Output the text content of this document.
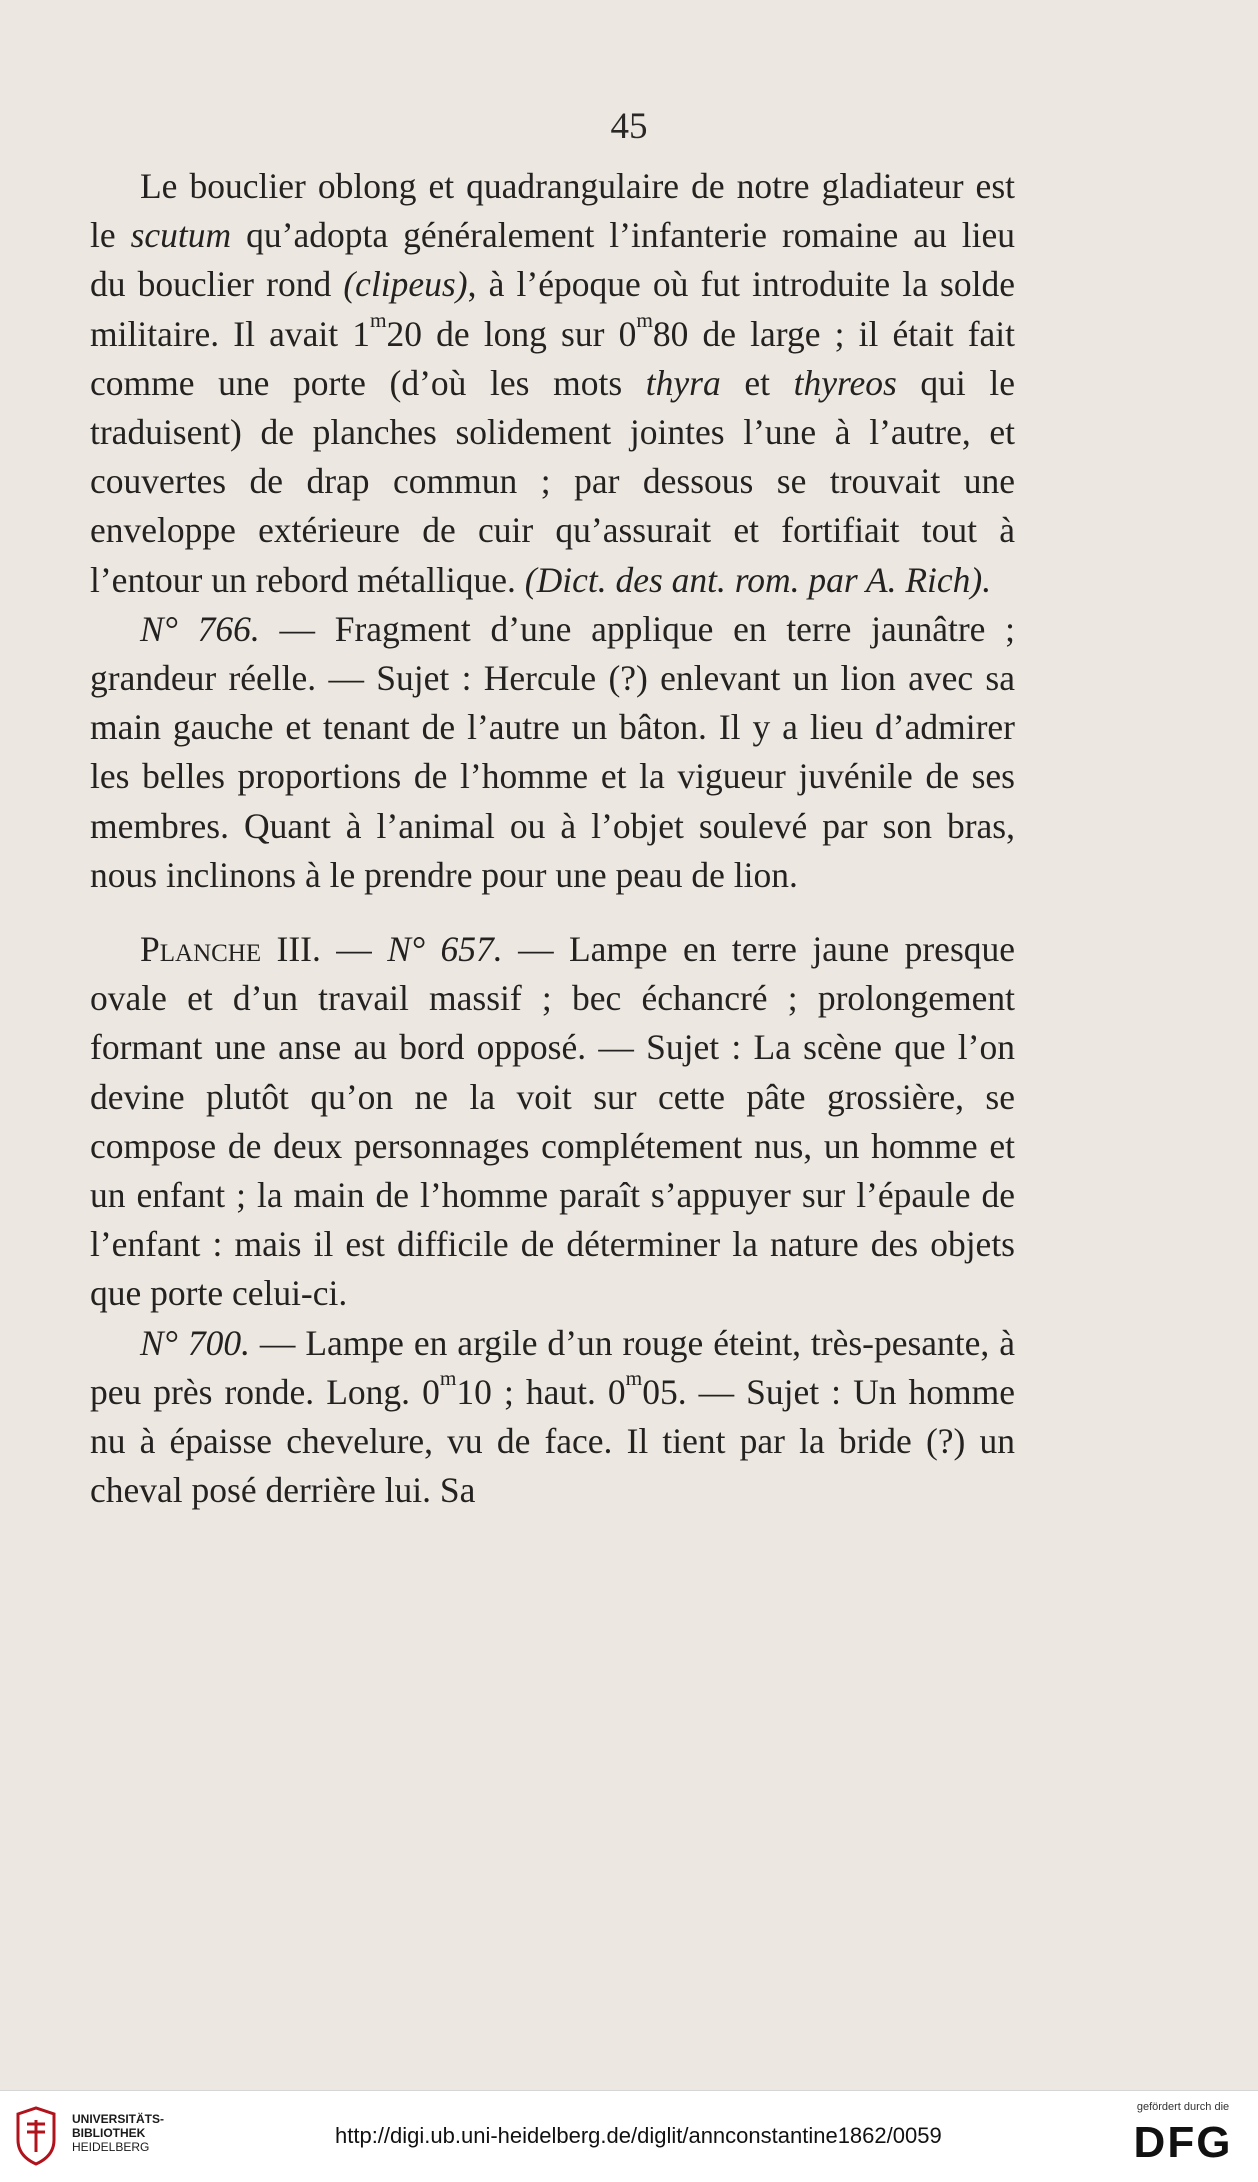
45

Le bouclier oblong et quadrangulaire de notre gladiateur est le scutum qu’adopta généralement l’infanterie romaine au lieu du bouclier rond (clipeus), à l’époque où fut introduite la solde militaire. Il avait 1$^m$20 de long sur 0$^m$80 de large ; il était fait comme une porte (d’où les mots thyra et thyreos qui le traduisent) de planches solidement jointes l’une à l’autre, et couvertes de drap commun ; par dessous se trouvait une enveloppe extérieure de cuir qu’assurait et fortifiait tout à l’entour un rebord métallique. (Dict. des ant. rom. par A. Rich).

N° 766. — Fragment d’une applique en terre jaunâtre ; grandeur réelle. — Sujet : Hercule (?) enlevant un lion avec sa main gauche et tenant de l’autre un bâton. Il y a lieu d’admirer les belles proportions de l’homme et la vigueur juvénile de ses membres. Quant à l’animal ou à l’objet soulevé par son bras, nous inclinons à le prendre pour une peau de lion.

Planche III. — N° 657. — Lampe en terre jaune presque ovale et d’un travail massif ; bec échancré ; prolongement formant une anse au bord opposé. — Sujet : La scène que l’on devine plutôt qu’on ne la voit sur cette pâte grossière, se compose de deux personnages complétement nus, un homme et un enfant ; la main de l’homme paraît s’appuyer sur l’épaule de l’enfant : mais il est difficile de déterminer la nature des objets que porte celui-ci.

N° 700. — Lampe en argile d’un rouge éteint, très-pesante, à peu près ronde. Long. 0$^m$10 ; haut. 0$^m$05. — Sujet : Un homme nu à épaisse chevelure, vu de face. Il tient par la bride (?) un cheval posé derrière lui. Sa

UNIVERSITÄTS-
BIBLIOTHEK
HEIDELBERG	http://digi.ub.uni-heidelberg.de/diglit/annconstantine1862/0059
gefördert durch die
DFG
